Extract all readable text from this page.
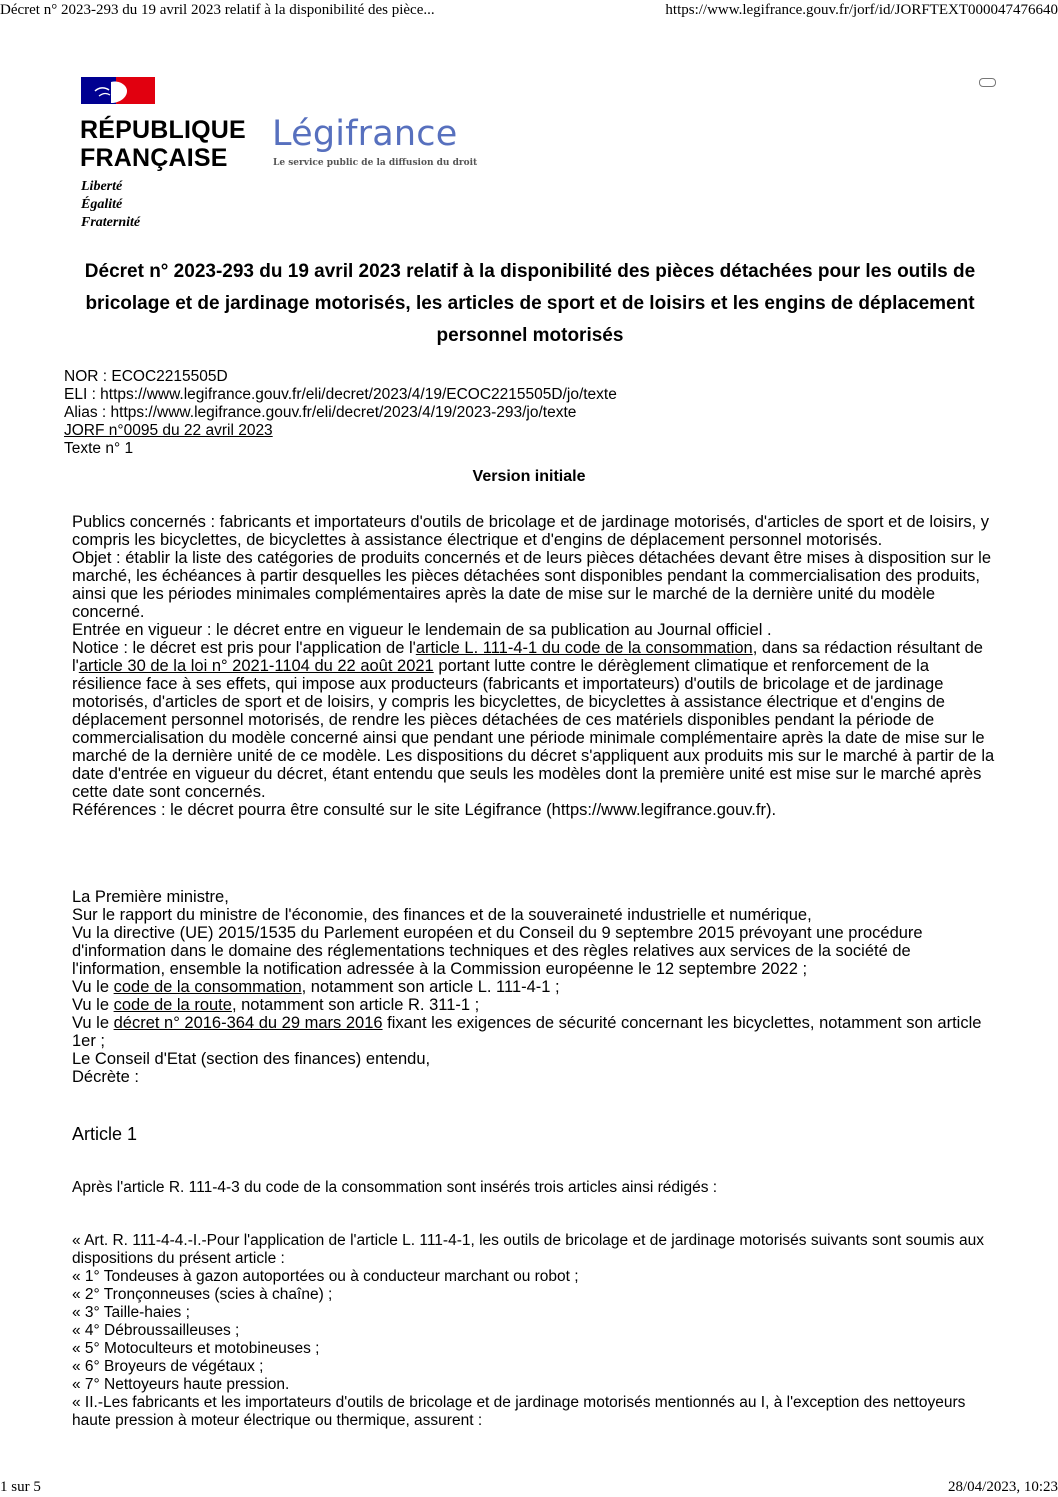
Décret n° 2023-293 du 19 avril 2023 relatif à la disponibilité des pièce...	https://www.legifrance.gouv.fr/jorf/id/JORFTEXT000047476640
RÉPUBLIQUE
FRANÇAISE
Liberté
Égalité
Fraternité
Légifrance
Le service public de la diffusion du droit
Décret n° 2023-293 du 19 avril 2023 relatif à la disponibilité des pièces détachées pour les outils de bricolage et de jardinage motorisés, les articles de sport et de loisirs et les engins de déplacement personnel motorisés
NOR : ECOC2215505D
ELI : https://www.legifrance.gouv.fr/eli/decret/2023/4/19/ECOC2215505D/jo/texte
Alias : https://www.legifrance.gouv.fr/eli/decret/2023/4/19/2023-293/jo/texte
JORF n°0095 du 22 avril 2023
Texte n° 1
Version initiale

Publics concernés : fabricants et importateurs d'outils de bricolage et de jardinage motorisés, d'articles de sport et de loisirs, y compris les bicyclettes, de bicyclettes à assistance électrique et d'engins de déplacement personnel motorisés.

Objet : établir la liste des catégories de produits concernés et de leurs pièces détachées devant être mises à disposition sur le marché, les échéances à partir desquelles les pièces détachées sont disponibles pendant la commercialisation des produits, ainsi que les périodes minimales complémentaires après la date de mise sur le marché de la dernière unité du modèle concerné.

Entrée en vigueur : le décret entre en vigueur le lendemain de sa publication au Journal officiel .

Notice : le décret est pris pour l'application de l'article L. 111-4-1 du code de la consommation, dans sa rédaction résultant de l'article 30 de la loi n° 2021-1104 du 22 août 2021 portant lutte contre le dérèglement climatique et renforcement de la résilience face à ses effets, qui impose aux producteurs (fabricants et importateurs) d'outils de bricolage et de jardinage motorisés, d'articles de sport et de loisirs, y compris les bicyclettes, de bicyclettes à assistance électrique et d'engins de déplacement personnel motorisés, de rendre les pièces détachées de ces matériels disponibles pendant la période de commercialisation du modèle concerné ainsi que pendant une période minimale complémentaire après la date de mise sur le marché de la dernière unité de ce modèle. Les dispositions du décret s'appliquent aux produits mis sur le marché à partir de la date d'entrée en vigueur du décret, étant entendu que seuls les modèles dont la première unité est mise sur le marché après cette date sont concernés.

Références : le décret pourra être consulté sur le site Légifrance (https://www.legifrance.gouv.fr).

La Première ministre,

Sur le rapport du ministre de l'économie, des finances et de la souveraineté industrielle et numérique,

Vu la directive (UE) 2015/1535 du Parlement européen et du Conseil du 9 septembre 2015 prévoyant une procédure d'information dans le domaine des réglementations techniques et des règles relatives aux services de la société de l'information, ensemble la notification adressée à la Commission européenne le 12 septembre 2022 ;

Vu le code de la consommation, notamment son article L. 111-4-1 ;

Vu le code de la route, notamment son article R. 311-1 ;

Vu le décret n° 2016-364 du 29 mars 2016 fixant les exigences de sécurité concernant les bicyclettes, notamment son article 1er ;

Le Conseil d'Etat (section des finances) entendu,

Décrète :

Article 1
Après l'article R. 111-4-3 du code de la consommation sont insérés trois articles ainsi rédigés :

« Art. R. 111-4-4.-I.-Pour l'application de l'article L. 111-4-1, les outils de bricolage et de jardinage motorisés suivants sont soumis aux dispositions du présent article :

« 1° Tondeuses à gazon autoportées ou à conducteur marchant ou robot ;

« 2° Tronçonneuses (scies à chaîne) ;

« 3° Taille-haies ;

« 4° Débroussailleuses ;

« 5° Motoculteurs et motobineuses ;

« 6° Broyeurs de végétaux ;

« 7° Nettoyeurs haute pression.

« II.-Les fabricants et les importateurs d'outils de bricolage et de jardinage motorisés mentionnés au I, à l'exception des nettoyeurs haute pression à moteur électrique ou thermique, assurent :

1 sur 5	28/04/2023, 10:23
